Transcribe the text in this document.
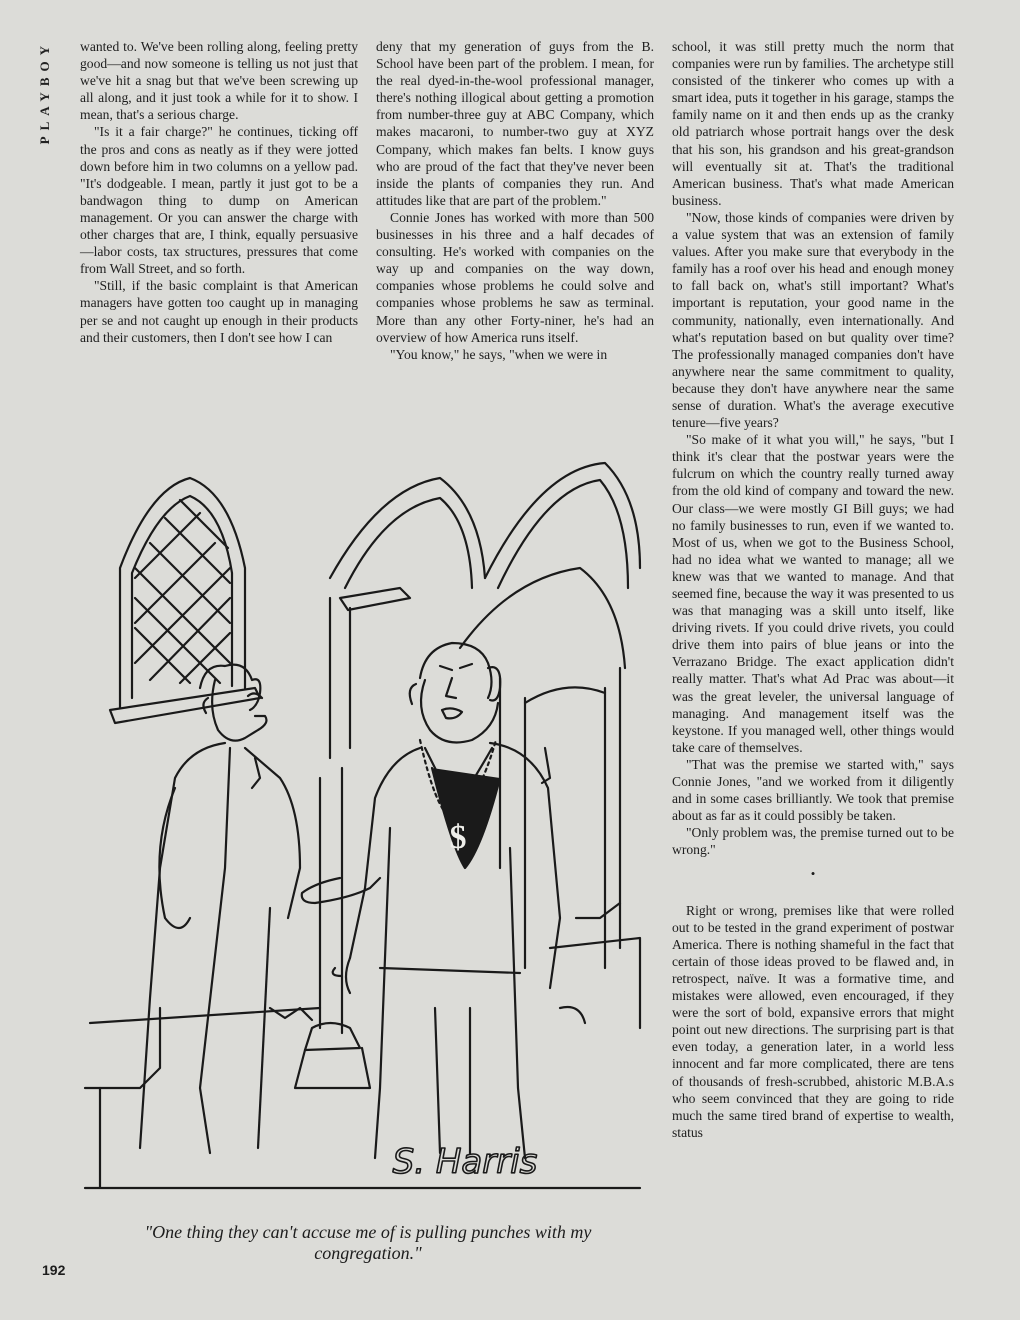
PLAYBOY	wanted to. We've been rolling along, feeling pretty good—and now someone is telling us not just that we've hit a snag but that we've been screwing up all along, and it just took a while for it to show. I mean, that's a serious charge.

"Is it a fair charge?" he continues, ticking off the pros and cons as neatly as if they were jotted down before him in two columns on a yellow pad. "It's dodgeable. I mean, partly it just got to be a bandwagon thing to dump on American management. Or you can answer the charge with other charges that are, I think, equally persuasive—labor costs, tax structures, pressures that come from Wall Street, and so forth.

"Still, if the basic complaint is that American managers have gotten too caught up in managing per se and not caught up enough in their products and their customers, then I don't see how I can

deny that my generation of guys from the B. School have been part of the problem. I mean, for the real dyed-in-the-wool professional manager, there's nothing illogical about getting a promotion from number-three guy at ABC Company, which makes macaroni, to number-two guy at XYZ Company, which makes fan belts. I know guys who are proud of the fact that they've never been inside the plants of companies they run. And attitudes like that are part of the problem."

Connie Jones has worked with more than 500 businesses in his three and a half decades of consulting. He's worked with companies on the way up and companies on the way down, companies whose problems he could solve and companies whose problems he saw as terminal. More than any other Forty-niner, he's had an overview of how America runs itself.

"You know," he says, "when we were in

school, it was still pretty much the norm that companies were run by families. The archetype still consisted of the tinkerer who comes up with a smart idea, puts it together in his garage, stamps the family name on it and then ends up as the cranky old patriarch whose portrait hangs over the desk that his son, his grandson and his great-grandson will eventually sit at. That's the traditional American business. That's what made American business.

"Now, those kinds of companies were driven by a value system that was an extension of family values. After you make sure that everybody in the family has a roof over his head and enough money to fall back on, what's still important? What's important is reputation, your good name in the community, nationally, even internationally. And what's reputation based on but quality over time? The professionally managed companies don't have anywhere near the same commitment to quality, because they don't have anywhere near the same sense of duration. What's the average executive tenure—five years?

"So make of it what you will," he says, "but I think it's clear that the postwar years were the fulcrum on which the country really turned away from the old kind of company and toward the new. Our class—we were mostly GI Bill guys; we had no family businesses to run, even if we wanted to. Most of us, when we got to the Business School, had no idea what we wanted to manage; all we knew was that we wanted to manage. And that seemed fine, because the way it was presented to us was that managing was a skill unto itself, like driving rivets. If you could drive rivets, you could drive them into pairs of blue jeans or into the Verrazano Bridge. The exact application didn't really matter. That's what Ad Prac was about—it was the great leveler, the universal language of managing. And management itself was the keystone. If you managed well, other things would take care of themselves.

"That was the premise we started with," says Connie Jones, "and we worked from it diligently and in some cases brilliantly. We took that premise about as far as it could possibly be taken.

"Only problem was, the premise turned out to be wrong."

•

Right or wrong, premises like that were rolled out to be tested in the grand experiment of postwar America. There is nothing shameful in the fact that certain of those ideas proved to be flawed and, in retrospect, naïve. It was a formative time, and mistakes were allowed, even encouraged, if they were the sort of bold, expansive errors that might point out new directions. The surprising part is that even today, a generation later, in a world less innocent and far more complicated, there are tens of thousands of fresh-scrubbed, ahistoric M.B.A.s who seem convinced that they are going to ride much the same tired brand of expertise to wealth, status

$
S. Harris
"One thing they can't accuse me of is pulling punches with my congregation."
192
